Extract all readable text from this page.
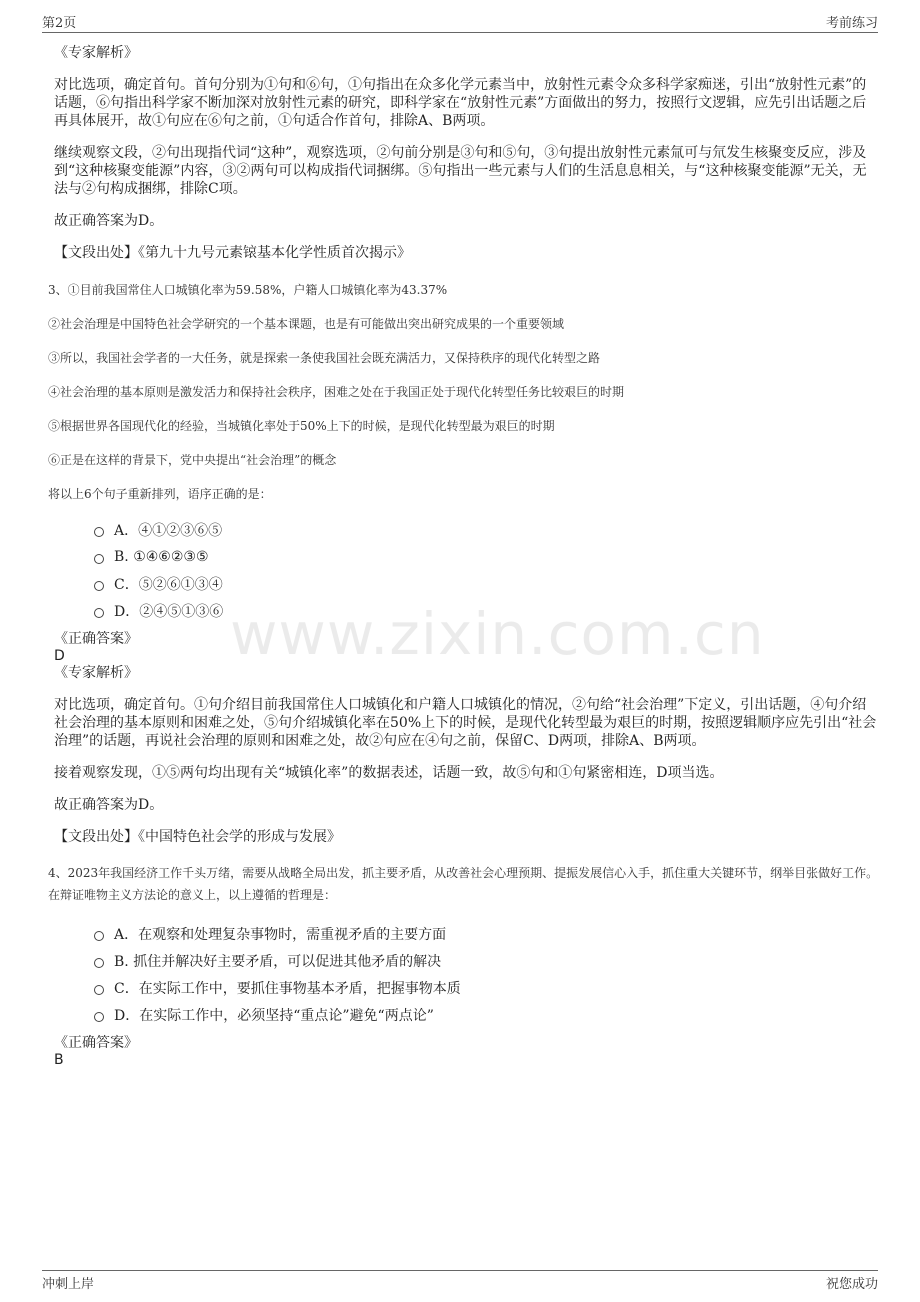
第2页	考前练习
www.zixin.com.cn

《专家解析》

对比选项，确定首句。首句分别为①句和⑥句，①句指出在众多化学元素当中，放射性元素令众多科学家痴迷，引出“放射性元素”的话题，⑥句指出科学家不断加深对放射性元素的研究，即科学家在“放射性元素”方面做出的努力，按照行文逻辑，应先引出话题之后再具体展开，故①句应在⑥句之前，①句适合作首句，排除A、B两项。

继续观察文段，②句出现指代词“这种”，观察选项，②句前分别是③句和⑤句，③句提出放射性元素氚可与氘发生核聚变反应，涉及到“这种核聚变能源”内容，③②两句可以构成指代词捆绑。⑤句指出一些元素与人们的生活息息相关，与“这种核聚变能源”无关，无法与②句构成捆绑，排除C项。

故正确答案为D。

【文段出处】《第九十九号元素锿基本化学性质首次揭示》

3、①目前我国常住人口城镇化率为59.58%，户籍人口城镇化率为43.37%

②社会治理是中国特色社会学研究的一个基本课题，也是有可能做出突出研究成果的一个重要领域

③所以，我国社会学者的一大任务，就是探索一条使我国社会既充满活力，又保持秩序的现代化转型之路

④社会治理的基本原则是激发活力和保持社会秩序，困难之处在于我国正处于现代化转型任务比较艰巨的时期

⑤根据世界各国现代化的经验，当城镇化率处于50%上下的时候，是现代化转型最为艰巨的时期

⑥正是在这样的背景下，党中央提出“社会治理”的概念

将以上6个句子重新排列，语序正确的是：

A．④①②③⑥⑤
B. ①④⑥②③⑤
C．⑤②⑥①③④
D．②④⑤①③⑥

《正确答案》

D

《专家解析》

对比选项，确定首句。①句介绍目前我国常住人口城镇化和户籍人口城镇化的情况，②句给“社会治理”下定义，引出话题，④句介绍社会治理的基本原则和困难之处，⑤句介绍城镇化率在50%上下的时候，是现代化转型最为艰巨的时期，按照逻辑顺序应先引出“社会治理”的话题，再说社会治理的原则和困难之处，故②句应在④句之前，保留C、D两项，排除A、B两项。

接着观察发现，①⑤两句均出现有关“城镇化率”的数据表述，话题一致，故⑤句和①句紧密相连，D项当选。

故正确答案为D。

【文段出处】《中国特色社会学的形成与发展》

4、2023年我国经济工作千头万绪，需要从战略全局出发，抓主要矛盾，从改善社会心理预期、提振发展信心入手，抓住重大关键环节，纲举目张做好工作。在辩证唯物主义方法论的意义上，以上遵循的哲理是：

A．在观察和处理复杂事物时，需重视矛盾的主要方面
B. 抓住并解决好主要矛盾，可以促进其他矛盾的解决
C．在实际工作中，要抓住事物基本矛盾，把握事物本质
D．在实际工作中，必须坚持“重点论”避免“两点论”

《正确答案》

B

冲刺上岸	祝您成功
